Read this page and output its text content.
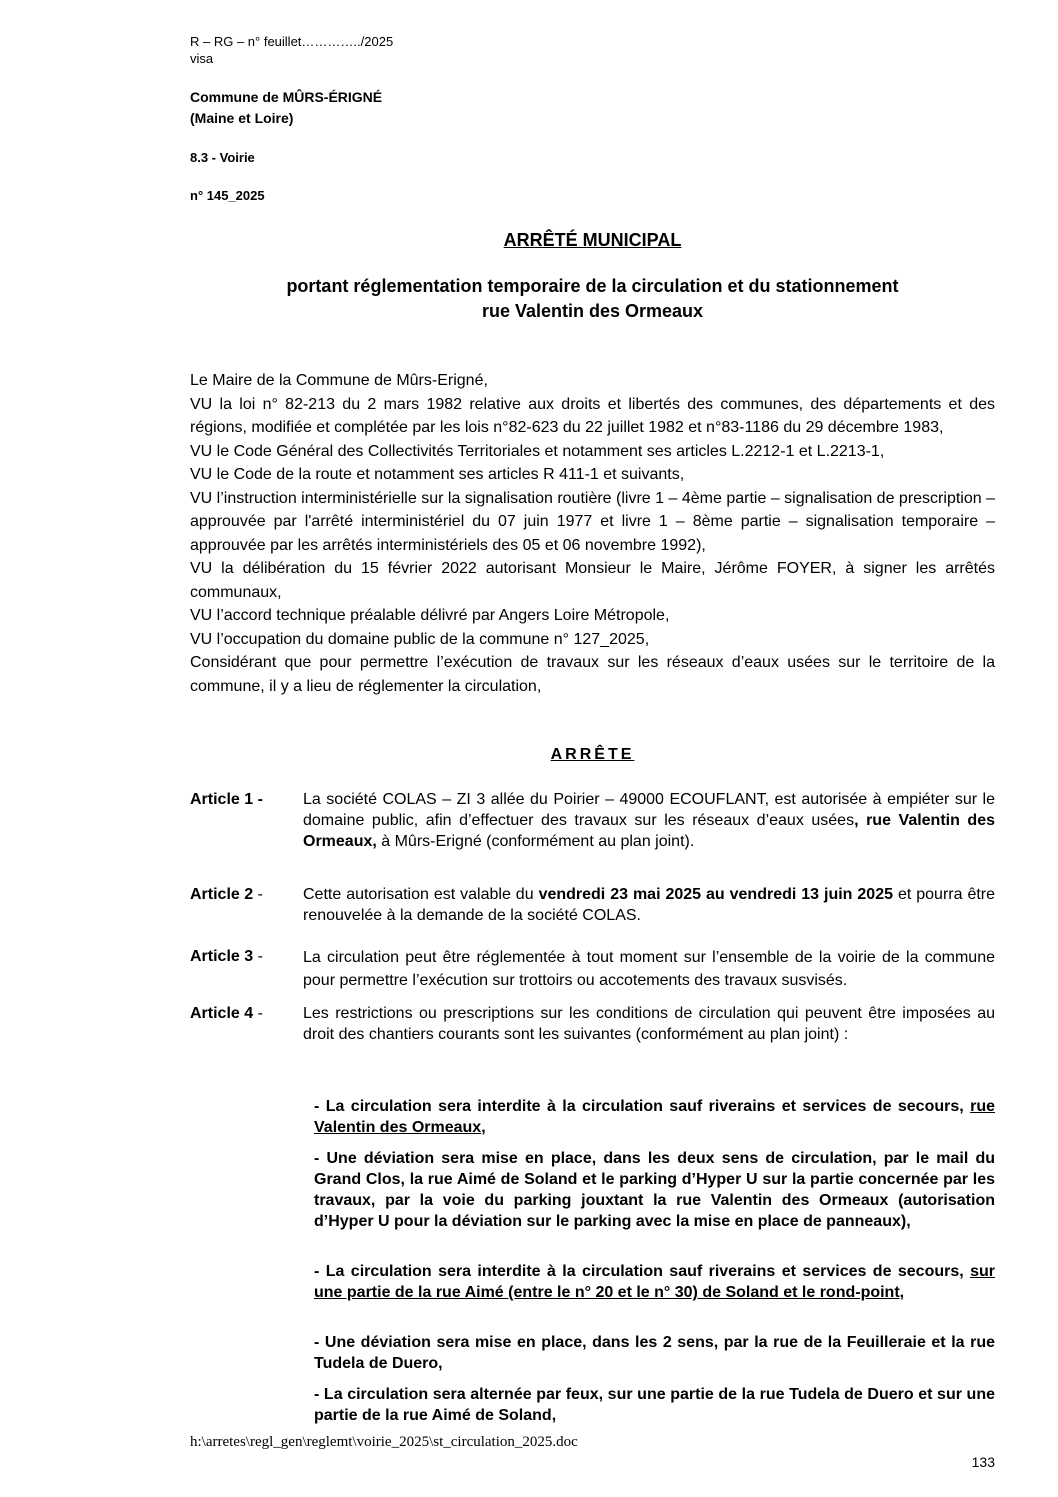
R – RG – n° feuillet…………../2025
visa
Commune de MÛRS-ÉRIGNÉ
(Maine et Loire)
8.3 - Voirie
n° 145_2025
ARRÊTÉ MUNICIPAL
portant réglementation temporaire de la circulation et du stationnement
rue Valentin des Ormeaux

Le Maire de la Commune de Mûrs-Erigné,

VU la loi n° 82-213 du 2 mars 1982 relative aux droits et libertés des communes, des départements et des régions, modifiée et complétée par les lois n°82-623 du 22 juillet 1982 et n°83-1186 du 29 décembre 1983,

VU le Code Général des Collectivités Territoriales et notamment ses articles L.2212-1 et L.2213-1,

VU le Code de la route et notamment ses articles R 411-1 et suivants,

VU l’instruction interministérielle sur la signalisation routière (livre 1 – 4ème partie – signalisation de prescription – approuvée par l'arrêté interministériel du 07 juin 1977 et livre 1 – 8ème partie – signalisation temporaire – approuvée par les arrêtés interministériels des 05 et 06 novembre 1992),

VU la délibération du 15 février 2022 autorisant Monsieur le Maire, Jérôme FOYER, à signer les arrêtés communaux,

VU l’accord technique préalable délivré par Angers Loire Métropole,

VU l’occupation du domaine public de la commune n° 127_2025,

Considérant que pour permettre l’exécution de travaux sur les réseaux d’eaux usées sur le territoire de la commune, il y a lieu de réglementer la circulation,

ARRÊTE
Article 1 -	La société COLAS – ZI 3 allée du Poirier – 49000 ECOUFLANT, est autorisée à empiéter sur le domaine public, afin d’effectuer des travaux sur les réseaux d’eaux usées, rue Valentin des Ormeaux, à Mûrs-Erigné (conformément au plan joint).
Article 2 -	Cette autorisation est valable du vendredi 23 mai 2025 au vendredi 13 juin 2025 et pourra être renouvelée à la demande de la société COLAS.
Article 3 -	La circulation peut être réglementée à tout moment sur l’ensemble de la voirie de la commune pour permettre l’exécution sur trottoirs ou accotements des travaux susvisés.
Article 4 -	Les restrictions ou prescriptions sur les conditions de circulation qui peuvent être imposées au droit des chantiers courants sont les suivantes (conformément au plan joint) :
- La circulation sera interdite à la circulation sauf riverains et services de secours, rue Valentin des Ormeaux,
- Une déviation sera mise en place, dans les deux sens de circulation, par le mail du Grand Clos, la rue Aimé de Soland et le parking d’Hyper U sur la partie concernée par les travaux, par la voie du parking jouxtant la rue Valentin des Ormeaux (autorisation d’Hyper U pour la déviation sur le parking avec la mise en place de panneaux),
- La circulation sera interdite à la circulation sauf riverains et services de secours, sur une partie de la rue Aimé (entre le n° 20 et le n° 30) de Soland et le rond-point,
- Une déviation sera mise en place, dans les 2 sens, par la rue de la Feuilleraie et la rue Tudela de Duero,
- La circulation sera alternée par feux, sur une partie de la rue Tudela de Duero et sur une partie de la rue Aimé de Soland,
h:\arretes\regl_gen\reglemt\voirie_2025\st_circulation_2025.doc
133
